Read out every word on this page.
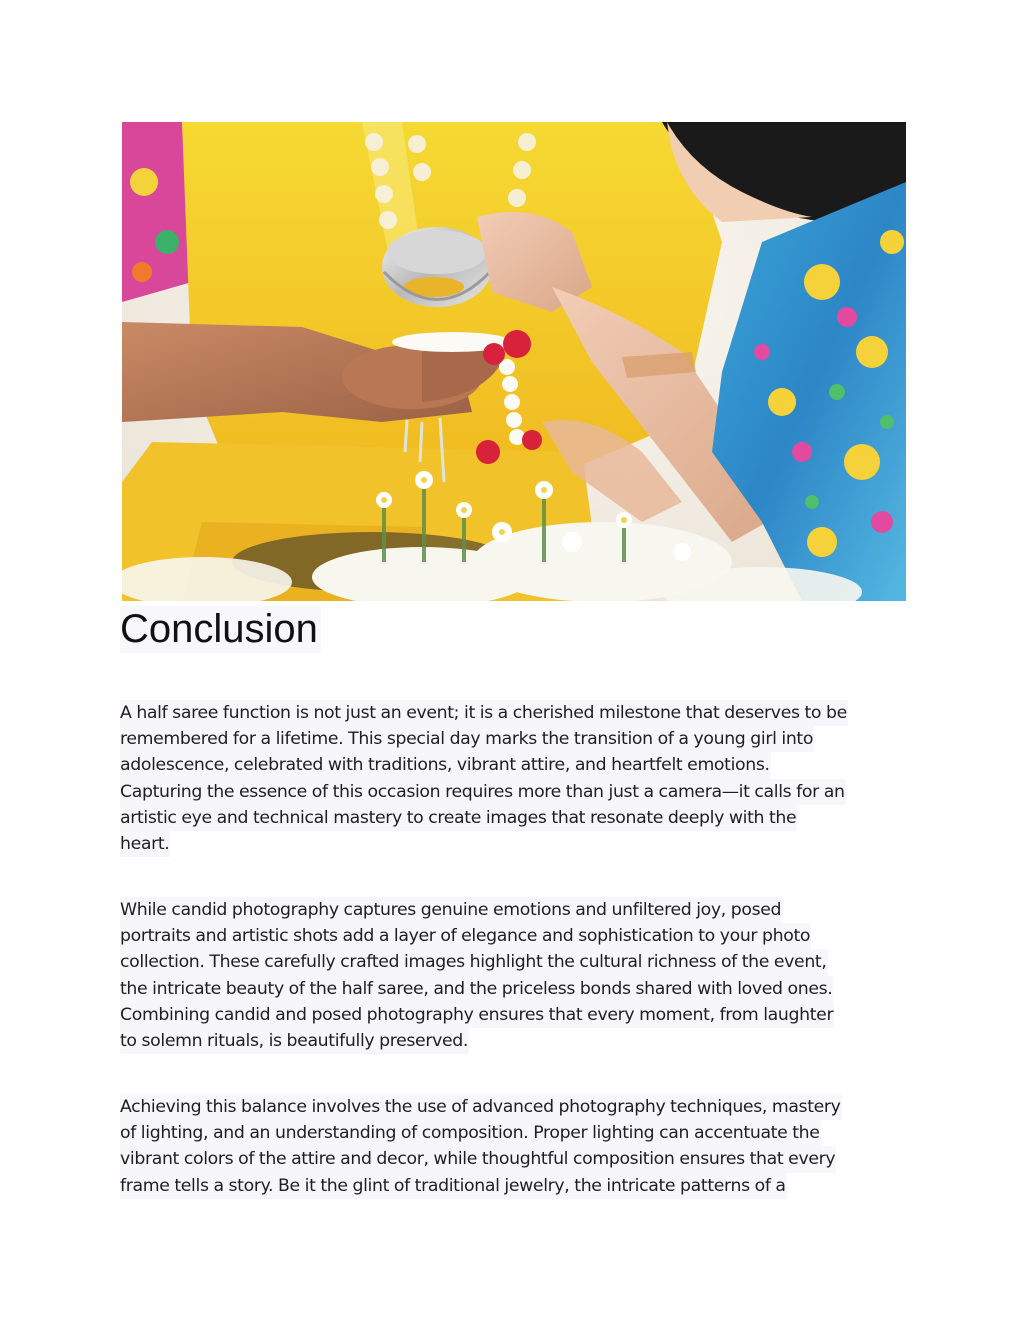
Conclusion

A half saree function is not just an event; it is a cherished milestone that deserves to be
remembered for a lifetime. This special day marks the transition of a young girl into
adolescence, celebrated with traditions, vibrant attire, and heartfelt emotions.
Capturing the essence of this occasion requires more than just a camera—it calls for an
artistic eye and technical mastery to create images that resonate deeply with the
heart.

While candid photography captures genuine emotions and unfiltered joy, posed
portraits and artistic shots add a layer of elegance and sophistication to your photo
collection. These carefully crafted images highlight the cultural richness of the event,
the intricate beauty of the half saree, and the priceless bonds shared with loved ones.
Combining candid and posed photography ensures that every moment, from laughter
to solemn rituals, is beautifully preserved.

Achieving this balance involves the use of advanced photography techniques, mastery
of lighting, and an understanding of composition. Proper lighting can accentuate the
vibrant colors of the attire and decor, while thoughtful composition ensures that every
frame tells a story. Be it the glint of traditional jewelry, the intricate patterns of a
